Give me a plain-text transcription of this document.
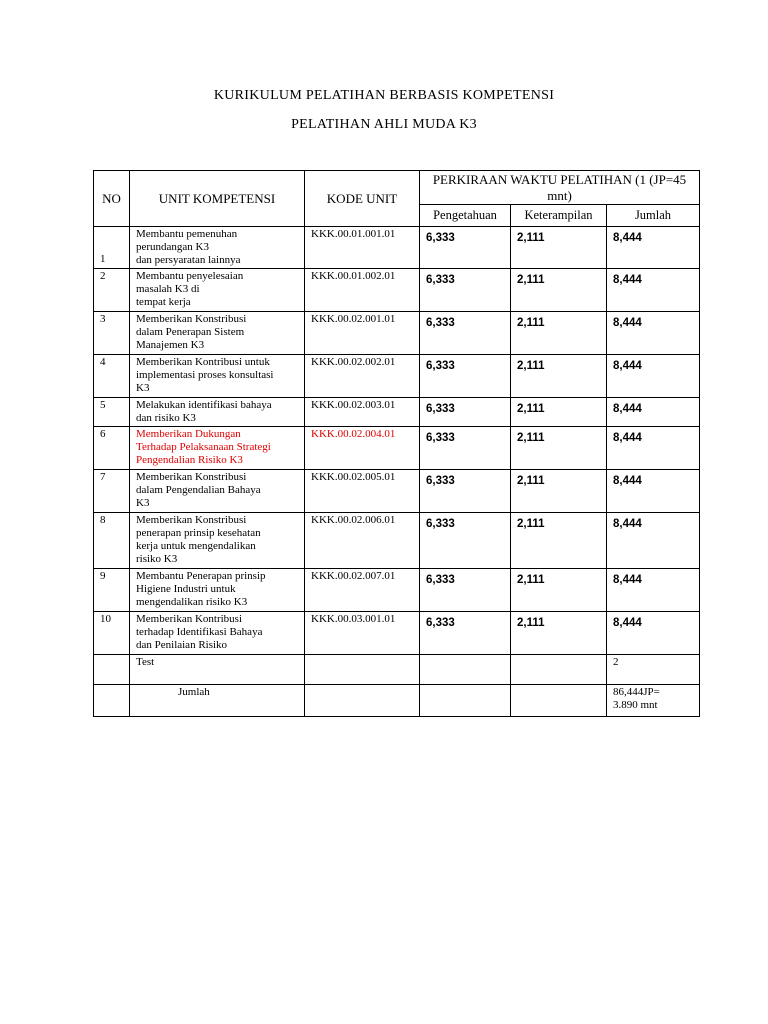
KURIKULUM PELATIHAN BERBASIS KOMPETENSI
PELATIHAN AHLI MUDA K3
NO	UNIT KOMPETENSI	KODE UNIT	PERKIRAAN WAKTU PELATIHAN (1 (JP=45 mnt)		
			Pengetahuan	Keterampilan	Jumlah

1	Membantu pemenuhan
perundangan K3
dan persyaratan lainnya	KKK.00.01.001.01	6,333	2,111	8,444

2	Membantu penyelesaian
masalah K3 di
tempat kerja	KKK.00.01.002.01	6,333	2,111	8,444

3	Memberikan Konstribusi
dalam Penerapan Sistem
Manajemen K3	KKK.00.02.001.01	6,333	2,111	8,444

4	Memberikan Kontribusi untuk
implementasi proses konsultasi
K3	KKK.00.02.002.01	6,333	2,111	8,444

5	Melakukan identifikasi bahaya
dan risiko K3	KKK.00.02.003.01	6,333	2,111	8,444

6	Memberikan Dukungan
Terhadap Pelaksanaan Strategi
Pengendalian Risiko K3	KKK.00.02.004.01	6,333	2,111	8,444

7	Memberikan Konstribusi
dalam Pengendalian Bahaya
K3	KKK.00.02.005.01	6,333	2,111	8,444

8	Memberikan Konstribusi
penerapan prinsip kesehatan
kerja untuk mengendalikan
risiko K3	KKK.00.02.006.01	6,333	2,111	8,444

9	Membantu Penerapan prinsip
Higiene Industri untuk
mengendalikan risiko K3	KKK.00.02.007.01	6,333	2,111	8,444

10	Memberikan Kontribusi
terhadap Identifikasi Bahaya
dan Penilaian Risiko	KKK.00.03.001.01	6,333	2,111	8,444

	Test				2

	Jumlah				86,444JP=
3.890 mnt
